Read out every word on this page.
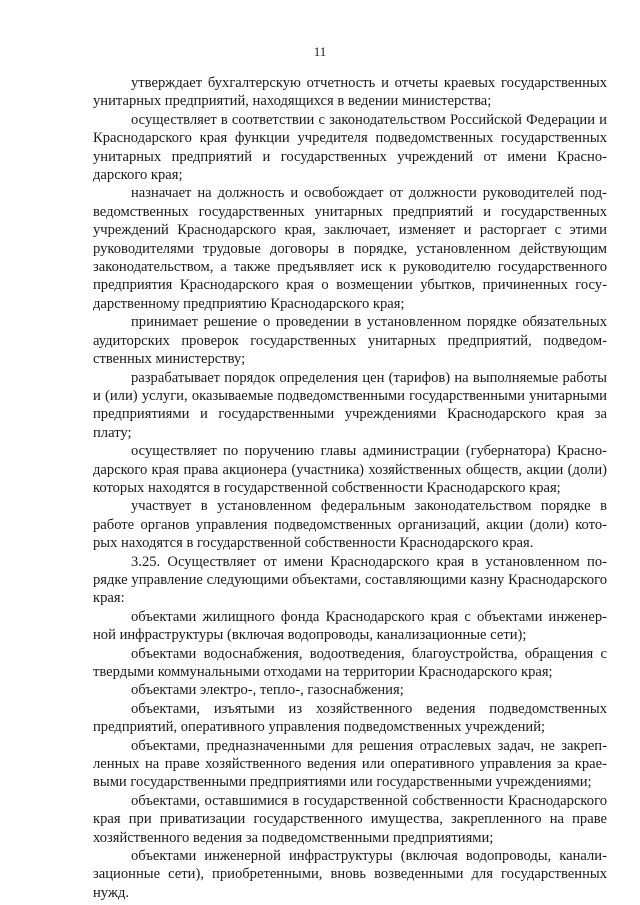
11

утверждает бухгалтерскую отчетность и отчеты краевых государственных унитарных предприятий, находящихся в ведении министерства;

осуществляет в соответствии с законодательством Российской Федерации и Краснодарского края функции учредителя подведомственных государственных унитарных предприятий и государственных учреждений от имени Краснодарского края;

назначает на должность и освобождает от должности руководителей подведомственных государственных унитарных предприятий и государственных учреждений Краснодарского края, заключает, изменяет и расторгает с этими руководителями трудовые договоры в порядке, установленном действующим законодательством, а также предъявляет иск к руководителю государственного предприятия Краснодарского края о возмещении убытков, причиненных государственному предприятию Краснодарского края;

принимает решение о проведении в установленном порядке обязательных аудиторских проверок государственных унитарных предприятий, подведомственных министерству;

разрабатывает порядок определения цен (тарифов) на выполняемые работы и (или) услуги, оказываемые подведомственными государственными унитарными предприятиями и государственными учреждениями Краснодарского края за плату;

осуществляет по поручению главы администрации (губернатора) Краснодарского края права акционера (участника) хозяйственных обществ, акции (доли) которых находятся в государственной собственности Краснодарского края;

участвует в установленном федеральным законодательством порядке в работе органов управления подведомственных организаций, акции (доли) которых находятся в государственной собственности Краснодарского края.

3.25. Осуществляет от имени Краснодарского края в установленном порядке управление следующими объектами, составляющими казну Краснодарского края:

объектами жилищного фонда Краснодарского края с объектами инженерной инфраструктуры (включая водопроводы, канализационные сети);

объектами водоснабжения, водоотведения, благоустройства, обращения с твердыми коммунальными отходами на территории Краснодарского края;

объектами электро-, тепло-, газоснабжения;

объектами, изъятыми из хозяйственного ведения подведомственных предприятий, оперативного управления подведомственных учреждений;

объектами, предназначенными для решения отраслевых задач, не закрепленных на праве хозяйственного ведения или оперативного управления за краевыми государственными предприятиями или государственными учреждениями;

объектами, оставшимися в государственной собственности Краснодарского края при приватизации государственного имущества, закрепленного на праве хозяйственного ведения за подведомственными предприятиями;

объектами инженерной инфраструктуры (включая водопроводы, канализационные сети), приобретенными, вновь возведенными для государственных нужд.
